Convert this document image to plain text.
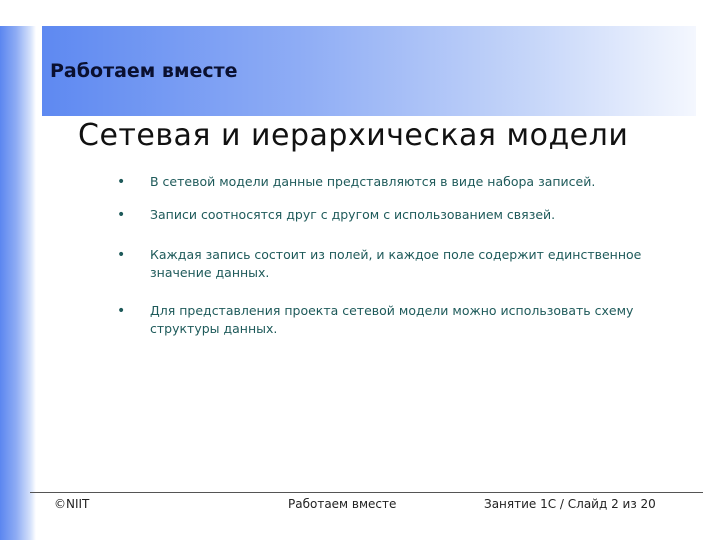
Работаем вместе
Сетевая и иерархическая модели
• В сетевой модели данные представляются в виде набора записей.
• Записи соотносятся друг с другом с использованием связей.
• Каждая запись состоит из полей, и каждое поле содержит единственное значение данных.
• Для представления проекта сетевой модели можно использовать схему структуры данных.
©NIIT	Работаем вместе	Занятие 1C / Слайд 2 из 20
